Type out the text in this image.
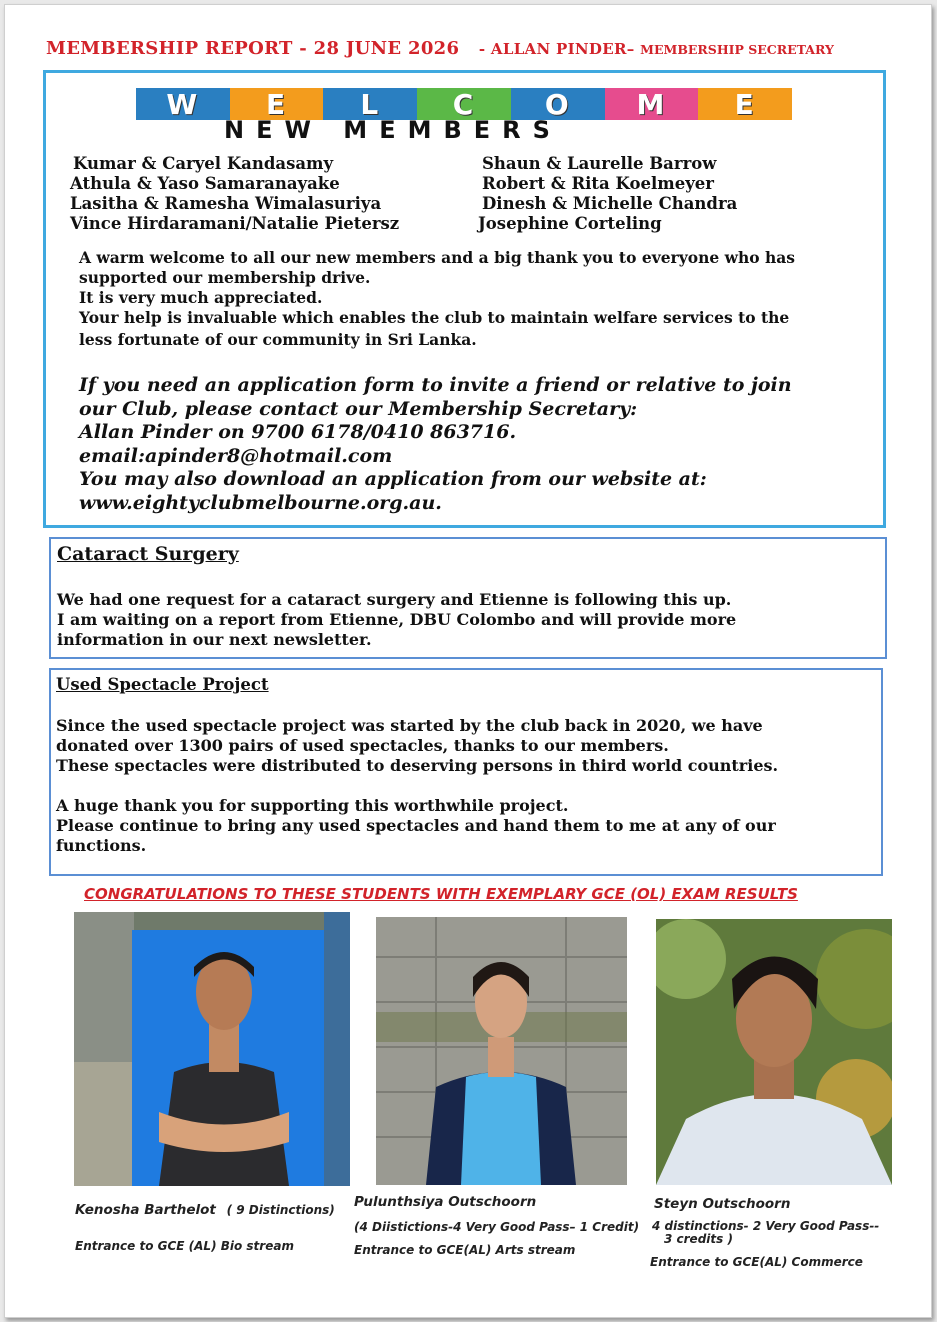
MEMBERSHIP REPORT - 28 JUNE 2026 - ALLAN PINDER– MEMBERSHIP SECRETARY
W	E	L	C	O	M	E
NEW MEMBERS
Kumar & Caryel Kandasamy
Athula & Yaso Samaranayake
Lasitha & Ramesha Wimalasuriya
Vince Hirdaramani/Natalie Pietersz
Shaun & Laurelle Barrow
Robert & Rita Koelmeyer
Dinesh & Michelle Chandra
Josephine Corteling
A warm welcome to all our new members and a big thank you to everyone who has
supported our membership drive.
It is very much appreciated.
Your help is invaluable which enables the club to maintain welfare services to the
less fortunate of our community in Sri Lanka.
If you need an application form to invite a friend or relative to join
our Club, please contact our Membership Secretary:
Allan Pinder on 9700 6178/0410 863716.
email:apinder8@hotmail.com
You may also download an application from our website at:
www.eightyclubmelbourne.org.au.
Cataract Surgery
We had one request for a cataract surgery and Etienne is following this up.
I am waiting on a report from Etienne, DBU Colombo and will provide more
information in our next newsletter.
Used Spectacle Project
Since the used spectacle project was started by the club back in 2020, we have
donated over 1300 pairs of used spectacles, thanks to our members.
These spectacles were distributed to deserving persons in third world countries.
A huge thank you for supporting this worthwhile project.
Please continue to bring any used spectacles and hand them to me at any of our
functions.
CONGRATULATIONS TO THESE STUDENTS WITH EXEMPLARY GCE (OL) EXAM RESULTS
Kenosha Barthelot ( 9 Distinctions)
Entrance to GCE (AL) Bio stream
Pulunthsiya Outschoorn
(4 Diistictions-4 Very Good Pass– 1 Credit)
Entrance to GCE(AL) Arts stream
Steyn Outschoorn
4 distinctions- 2 Very Good Pass--
3 credits )
Entrance to GCE(AL) Commerce
